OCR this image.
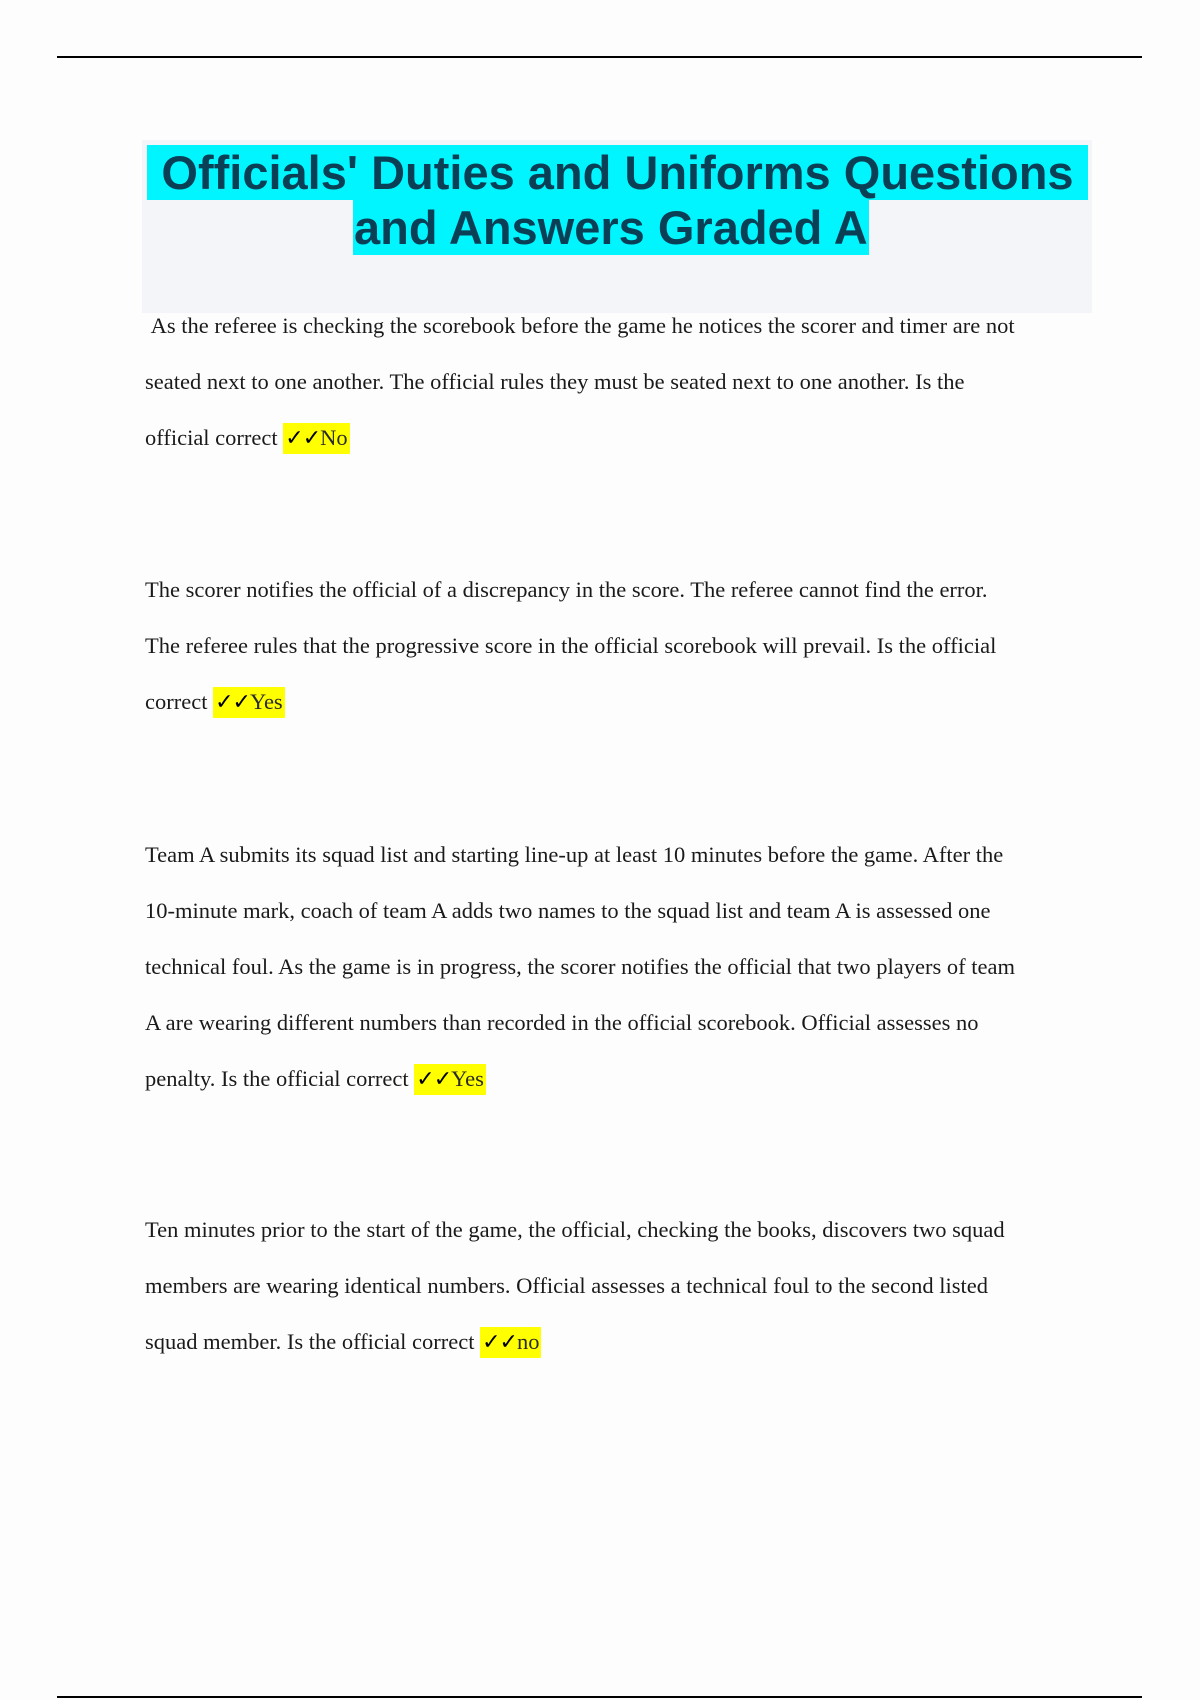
Officials' Duties and Uniforms Questions
and Answers Graded A
As the referee is checking the scorebook before the game he notices the scorer and timer are not
seated next to one another. The official rules they must be seated next to one another. Is the
official correct ✓✓No
The scorer notifies the official of a discrepancy in the score. The referee cannot find the error.
The referee rules that the progressive score in the official scorebook will prevail. Is the official
correct ✓✓Yes
Team A submits its squad list and starting line-up at least 10 minutes before the game. After the
10-minute mark, coach of team A adds two names to the squad list and team A is assessed one
technical foul. As the game is in progress, the scorer notifies the official that two players of team
A are wearing different numbers than recorded in the official scorebook. Official assesses no
penalty. Is the official correct ✓✓Yes
Ten minutes prior to the start of the game, the official, checking the books, discovers two squad
members are wearing identical numbers. Official assesses a technical foul to the second listed
squad member. Is the official correct ✓✓no
